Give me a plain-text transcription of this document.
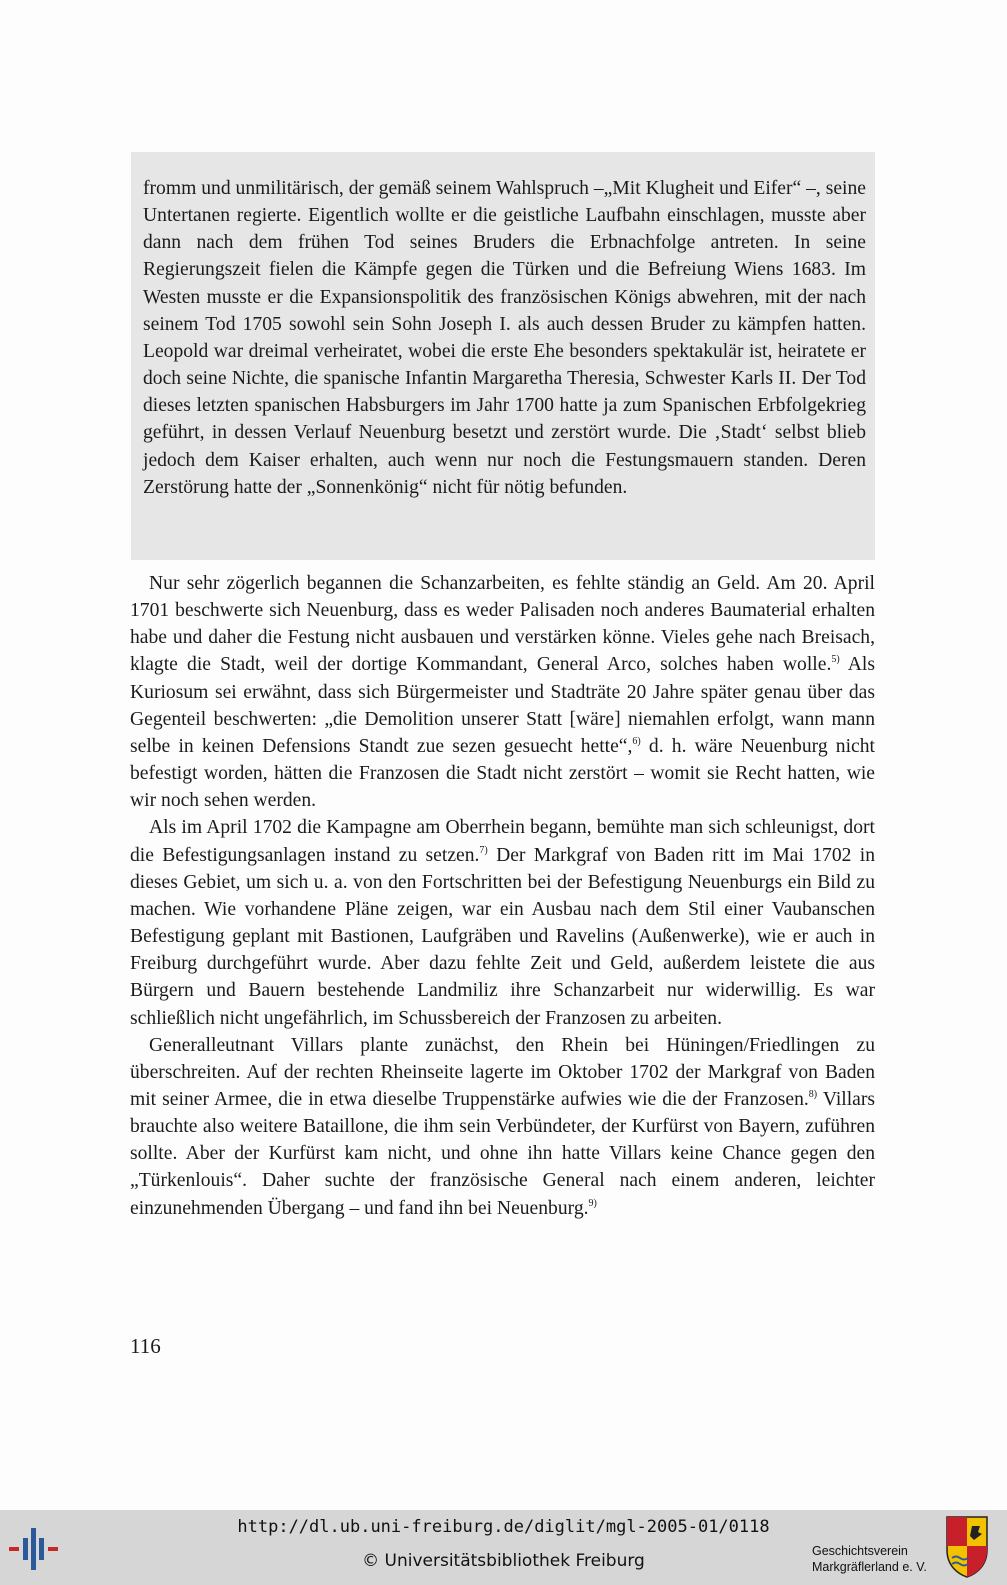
fromm und unmilitärisch, der gemäß seinem Wahlspruch –„Mit Klugheit und Eifer“ –, seine Untertanen regierte. Eigentlich wollte er die geistliche Laufbahn einschlagen, musste aber dann nach dem frühen Tod seines Bruders die Erbnachfolge antreten. In seine Regierungszeit fielen die Kämpfe gegen die Türken und die Befreiung Wiens 1683. Im Westen musste er die Expansionspolitik des französischen Königs abwehren, mit der nach seinem Tod 1705 sowohl sein Sohn Joseph I. als auch dessen Bruder zu kämpfen hatten. Leopold war dreimal verheiratet, wobei die erste Ehe besonders spektakulär ist, heiratete er doch seine Nichte, die spanische Infantin Margaretha Theresia, Schwester Karls II. Der Tod dieses letzten spanischen Habsburgers im Jahr 1700 hatte ja zum Spanischen Erbfolgekrieg geführt, in dessen Verlauf Neuenburg besetzt und zerstört wurde. Die ‚Stadt‘ selbst blieb jedoch dem Kaiser erhalten, auch wenn nur noch die Festungsmauern standen. Deren Zerstörung hatte der „Sonnenkönig“ nicht für nötig befunden.

Nur sehr zögerlich begannen die Schanzarbeiten, es fehlte ständig an Geld. Am 20. April 1701 beschwerte sich Neuenburg, dass es weder Palisaden noch anderes Baumaterial erhalten habe und daher die Festung nicht ausbauen und verstärken könne. Vieles gehe nach Breisach, klagte die Stadt, weil der dortige Kommandant, General Arco, solches haben wolle.$^{5)}$ Als Kuriosum sei erwähnt, dass sich Bürgermeister und Stadträte 20 Jahre später genau über das Gegenteil beschwerten: „die Demolition unserer Statt [wäre] niemahlen erfolgt, wann mann selbe in keinen Defensions Standt zue sezen gesuecht hette“,$^{6)}$ d. h. wäre Neuenburg nicht befestigt worden, hätten die Franzosen die Stadt nicht zerstört – womit sie Recht hatten, wie wir noch sehen werden.

Als im April 1702 die Kampagne am Oberrhein begann, bemühte man sich schleunigst, dort die Befestigungsanlagen instand zu setzen.$^{7)}$ Der Markgraf von Baden ritt im Mai 1702 in dieses Gebiet, um sich u. a. von den Fortschritten bei der Befestigung Neuenburgs ein Bild zu machen. Wie vorhandene Pläne zeigen, war ein Ausbau nach dem Stil einer Vaubanschen Befestigung geplant mit Bastionen, Laufgräben und Ravelins (Außenwerke), wie er auch in Freiburg durchgeführt wurde. Aber dazu fehlte Zeit und Geld, außerdem leistete die aus Bürgern und Bauern bestehende Landmiliz ihre Schanzarbeit nur widerwillig. Es war schließlich nicht ungefährlich, im Schussbereich der Franzosen zu arbeiten.

Generalleutnant Villars plante zunächst, den Rhein bei Hüningen/Friedlingen zu überschreiten. Auf der rechten Rheinseite lagerte im Oktober 1702 der Markgraf von Baden mit seiner Armee, die in etwa dieselbe Truppenstärke aufwies wie die der Franzosen.$^{8)}$ Villars brauchte also weitere Bataillone, die ihm sein Verbündeter, der Kurfürst von Bayern, zuführen sollte. Aber der Kurfürst kam nicht, und ohne ihn hatte Villars keine Chance gegen den „Türkenlouis“. Daher suchte der französische General nach einem anderen, leichter einzunehmenden Übergang – und fand ihn bei Neuenburg.$^{9)}$

116
http://dl.ub.uni-freiburg.de/diglit/mgl-2005-01/0118
© Universitätsbibliothek Freiburg	Geschichtsverein
Markgräflerland e. V.
